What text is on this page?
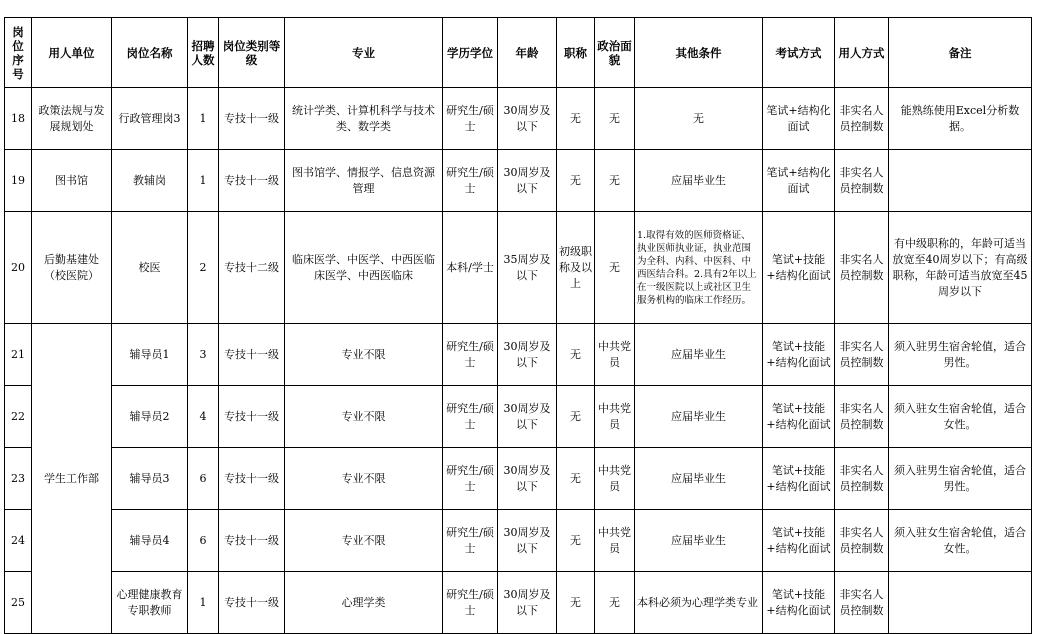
岗位序号	用人单位	岗位名称	招聘人数	岗位类别等级	专业	学历学位	年龄	职称	政治面貌	其他条件	考试方式	用人方式	备注
18	政策法规与发展规划处	行政管理岗3	1	专技十一级	统计学类、计算机科学与技术类、数学类	研究生/硕士	30周岁及以下	无	无	无	笔试+结构化面试	非实名人员控制数	能熟练使用Excel分析数据。
19	图书馆	教辅岗	1	专技十一级	图书馆学、情报学、信息资源管理	研究生/硕士	30周岁及以下	无	无	应届毕业生	笔试+结构化面试	非实名人员控制数	
20	后勤基建处（校医院）	校医	2	专技十二级	临床医学、中医学、中西医临床医学、中西医临床	本科/学士	35周岁及以下	初级职称及以上	无	1.取得有效的医师资格证、执业医师执业证，执业范围为全科、内科、中医科、中西医结合科。2.具有2年以上在一级医院以上或社区卫生服务机构的临床工作经历。	笔试+技能+结构化面试	非实名人员控制数	有中级职称的，年龄可适当放宽至40周岁以下；有高级职称，年龄可适当放宽至45周岁以下
21	学生工作部	辅导员1	3	专技十一级	专业不限	研究生/硕士	30周岁及以下	无	中共党员	应届毕业生	笔试+技能+结构化面试	非实名人员控制数	须入驻男生宿舍轮值，适合男性。
22		辅导员2	4	专技十一级	专业不限	研究生/硕士	30周岁及以下	无	中共党员	应届毕业生	笔试+技能+结构化面试	非实名人员控制数	须入驻女生宿舍轮值，适合女性。
23		辅导员3	6	专技十一级	专业不限	研究生/硕士	30周岁及以下	无	中共党员	应届毕业生	笔试+技能+结构化面试	非实名人员控制数	须入驻男生宿舍轮值，适合男性。
24		辅导员4	6	专技十一级	专业不限	研究生/硕士	30周岁及以下	无	中共党员	应届毕业生	笔试+技能+结构化面试	非实名人员控制数	须入驻女生宿舍轮值，适合女性。
25		心理健康教育专职教师	1	专技十一级	心理学类	研究生/硕士	30周岁及以下	无	无	本科必须为心理学类专业	笔试+技能+结构化面试	非实名人员控制数	
